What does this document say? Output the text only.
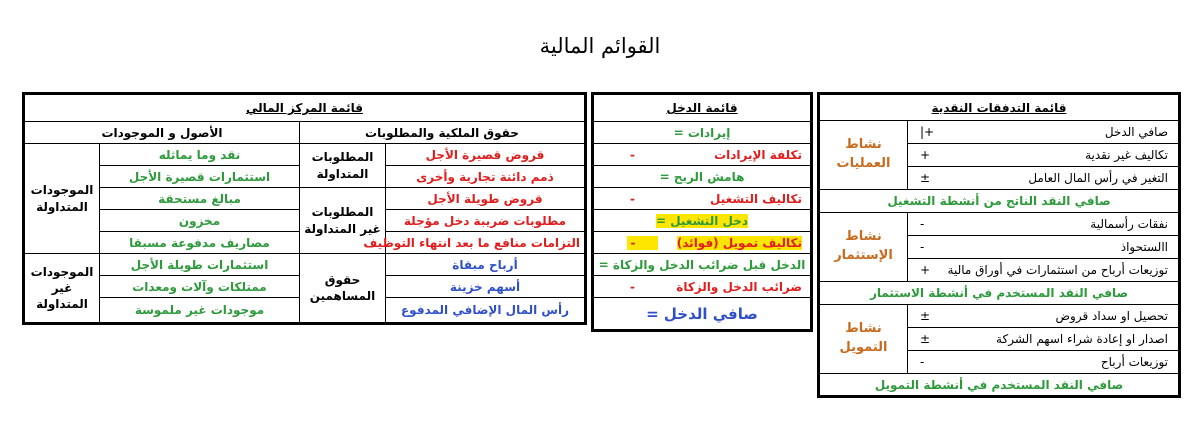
القوائم المالية
قائمة المركز المالي			
حقوق الملكية والمطلوبات		الأصول و الموجودات	
قروض قصيرة الأجل	المطلوبات المتداولة	نقد وما يماثله	الموجودات المتداولة
ذمم دائنة تجارية وأخرى		استثمارات قصيرة الأجل	
قروض طويلة الأجل	المطلوبات غير المتداولة	مبالغ مستحقة	
مطلوبات ضريبة دخل مؤجلة		مخزون	
التزامات منافع ما بعد انتهاء التوظيف		مصاريف مدفوعة مسبقا	
أرباح مبقاة	حقوق المساهمين	استثمارات طويلة الأجل	الموجودات غير المتداولة
أسهم خزينة		ممتلكات وآلات ومعدات	
رأس المال الإضافي المدفوع		موجودات غير ملموسة	
قائمة الدخل	
إيرادات =	
تكلفة الإيرادات	-
هامش الربح =	
تكاليف التشغيل	-
دخل التشغيل =	
تكاليف تمويل (فوائد)	-
الدخل قبل ضرائب الدخل والزكاة =	
ضرائب الدخل والزكاة	-
صافي الدخل =	
قائمة التدفقات النقدية		
صافي الدخل	+|	نشاط العمليات
تكاليف غير نقدية	+	
التغير في رأس المال العامل	±	
صافي النقد الناتج من أنشطة التشغيل		
نفقات رأسمالية	-	نشاط الإستثمار
االستحواذ	-	
توزيعات أرباح من استثمارات في أوراق مالية	+	
صافي النقد المستخدم في أنشطة الاستثمار		
تحصيل او سداد قروض	±	نشاط التمويل
اصدار او إعادة شراء اسهم الشركة	±	
توزيعات أرباح	-	
صافي النقد المستخدم في أنشطة التمويل		
